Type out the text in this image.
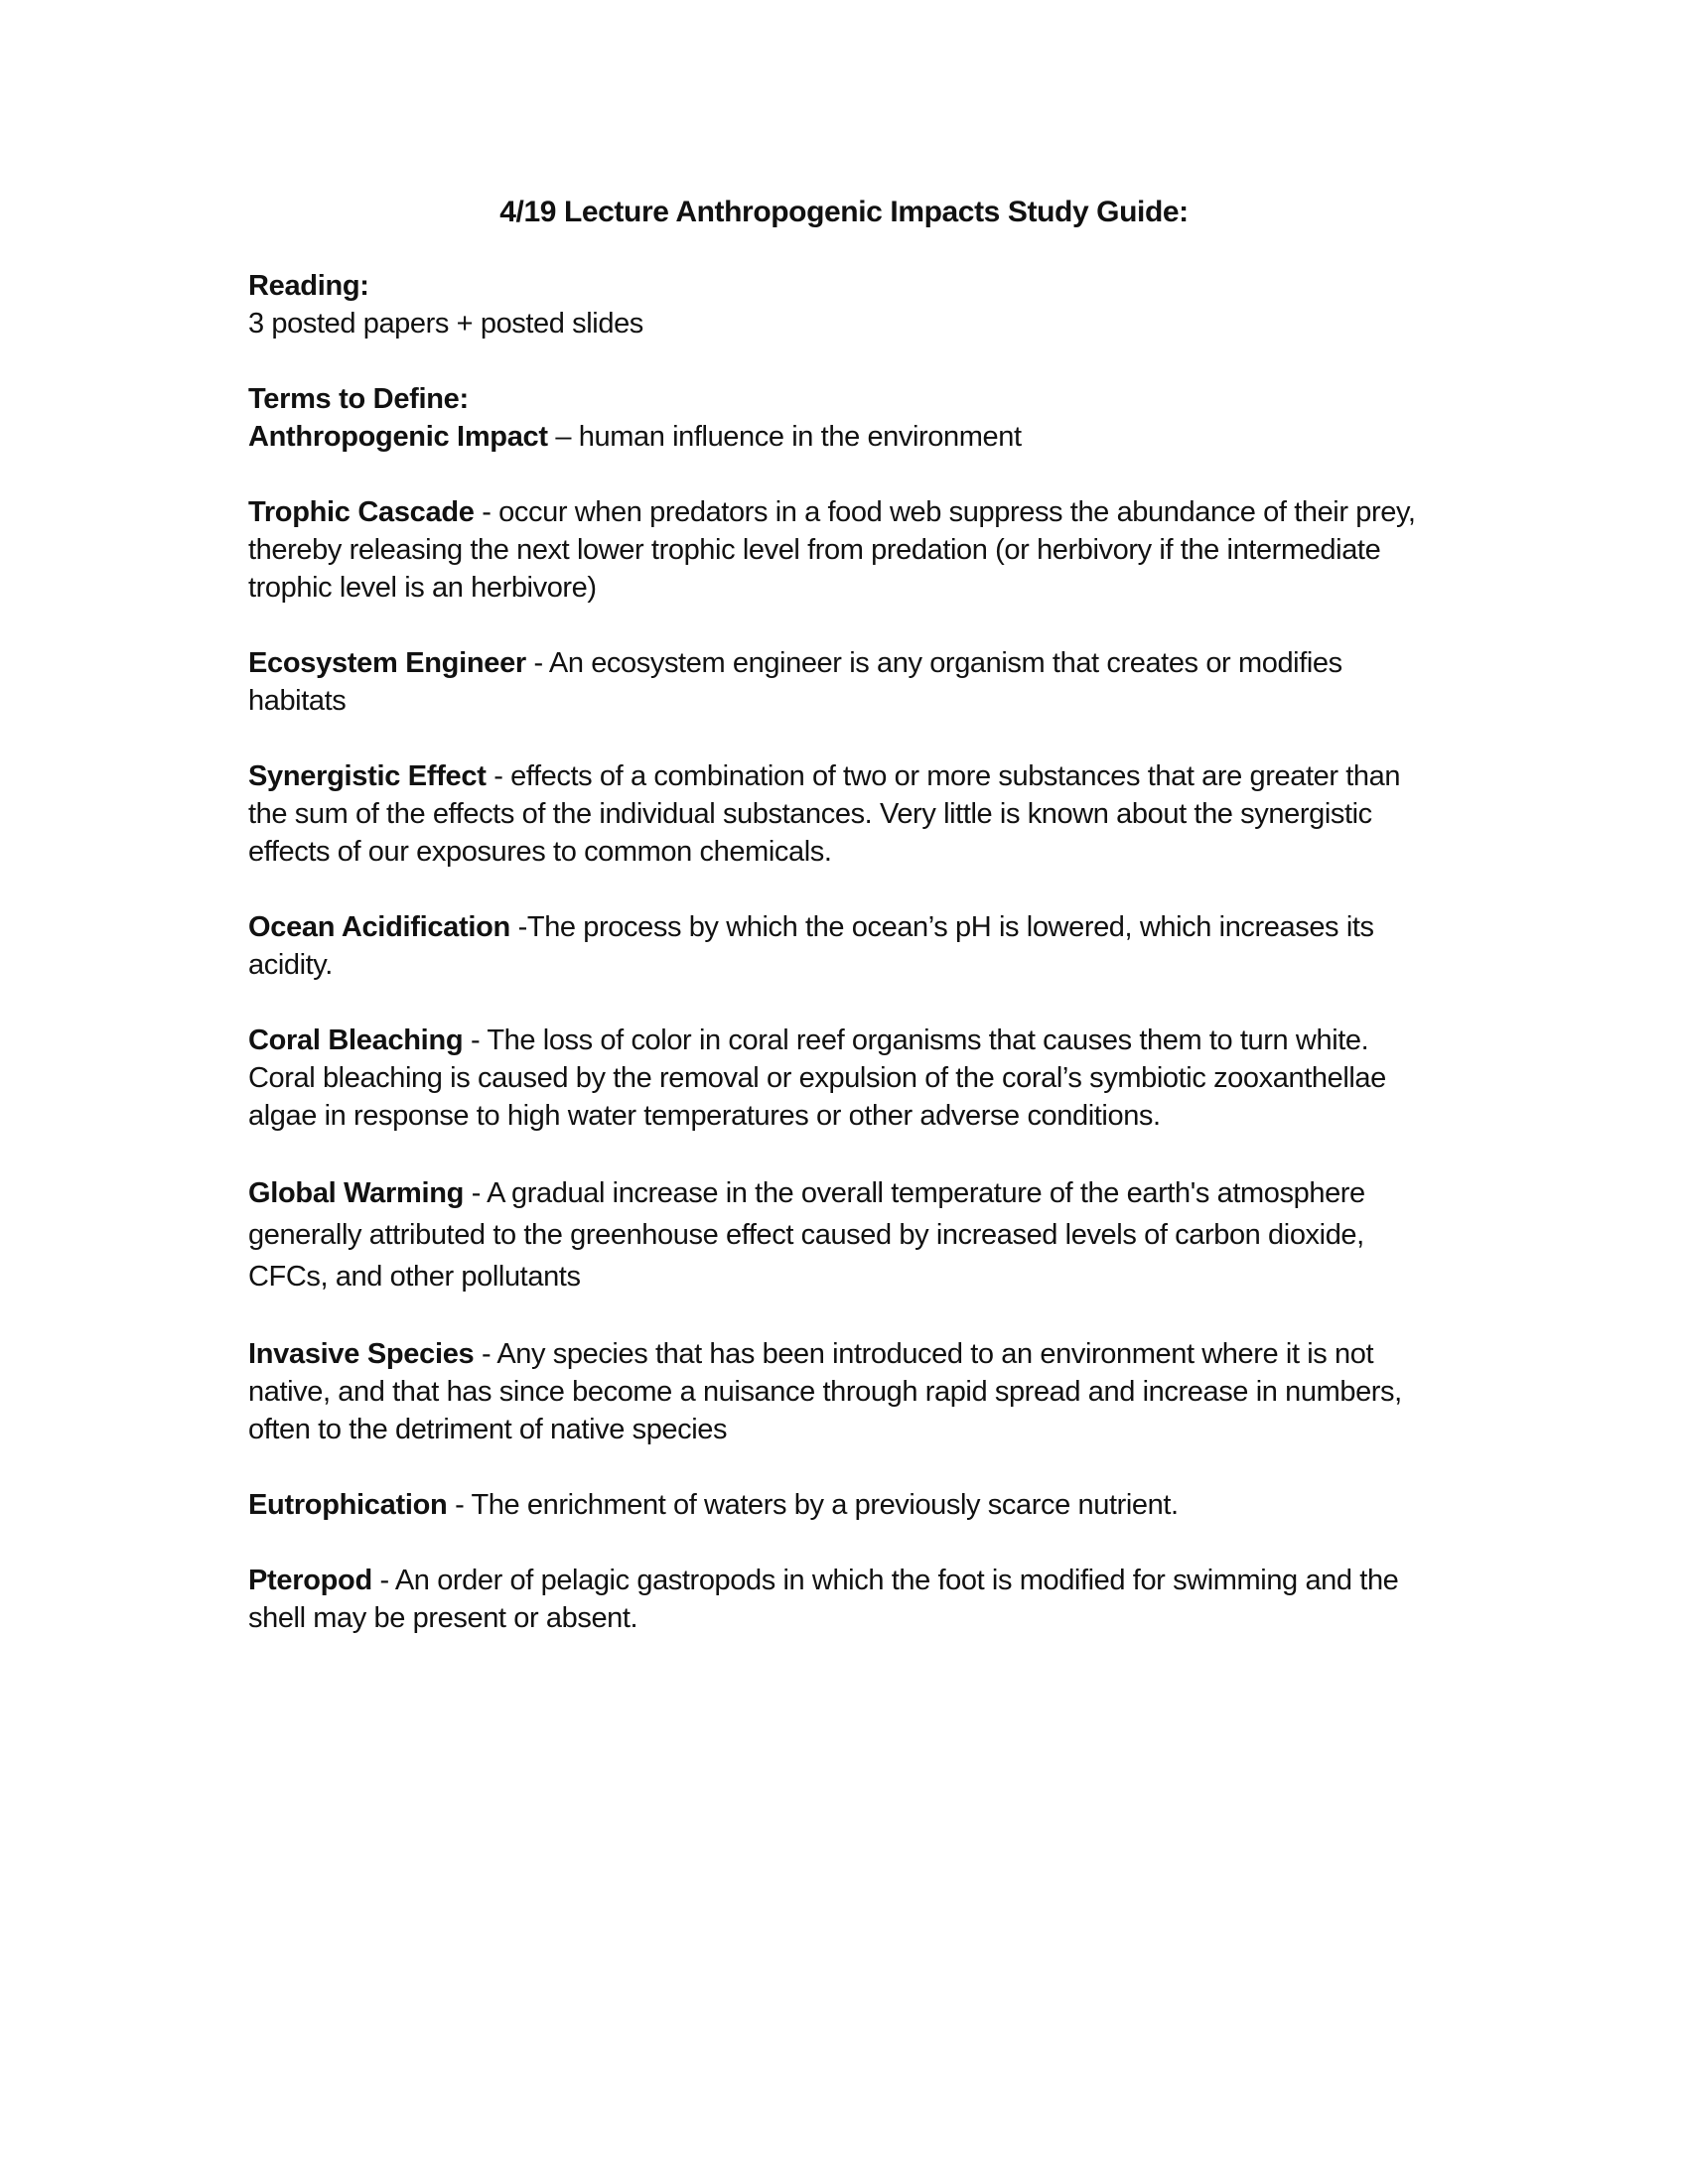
4/19 Lecture Anthropogenic Impacts Study Guide:

Reading:

3 posted papers + posted slides

Terms to Define:

Anthropogenic Impact – human influence in the environment

Trophic Cascade - occur when predators in a food web suppress the abundance of their prey, thereby releasing the next lower trophic level from predation (or herbivory if the intermediate trophic level is an herbivore)

Ecosystem Engineer - An ecosystem engineer is any organism that creates or modifies habitats

Synergistic Effect - effects of a combination of two or more substances that are greater than the sum of the effects of the individual substances. Very little is known about the synergistic effects of our exposures to common chemicals.

Ocean Acidification -The process by which the ocean’s pH is lowered, which increases its acidity.

Coral Bleaching - The loss of color in coral reef organisms that causes them to turn white. Coral bleaching is caused by the removal or expulsion of the coral’s symbiotic zooxanthellae algae in response to high water temperatures or other adverse conditions.

Global Warming - A gradual increase in the overall temperature of the earth's atmosphere generally attributed to the greenhouse effect caused by increased levels of carbon dioxide, CFCs, and other pollutants

Invasive Species - Any species that has been introduced to an environment where it is not native, and that has since become a nuisance through rapid spread and increase in numbers, often to the detriment of native species

Eutrophication - The enrichment of waters by a previously scarce nutrient.

Pteropod - An order of pelagic gastropods in which the foot is modified for swimming and the shell may be present or absent.
